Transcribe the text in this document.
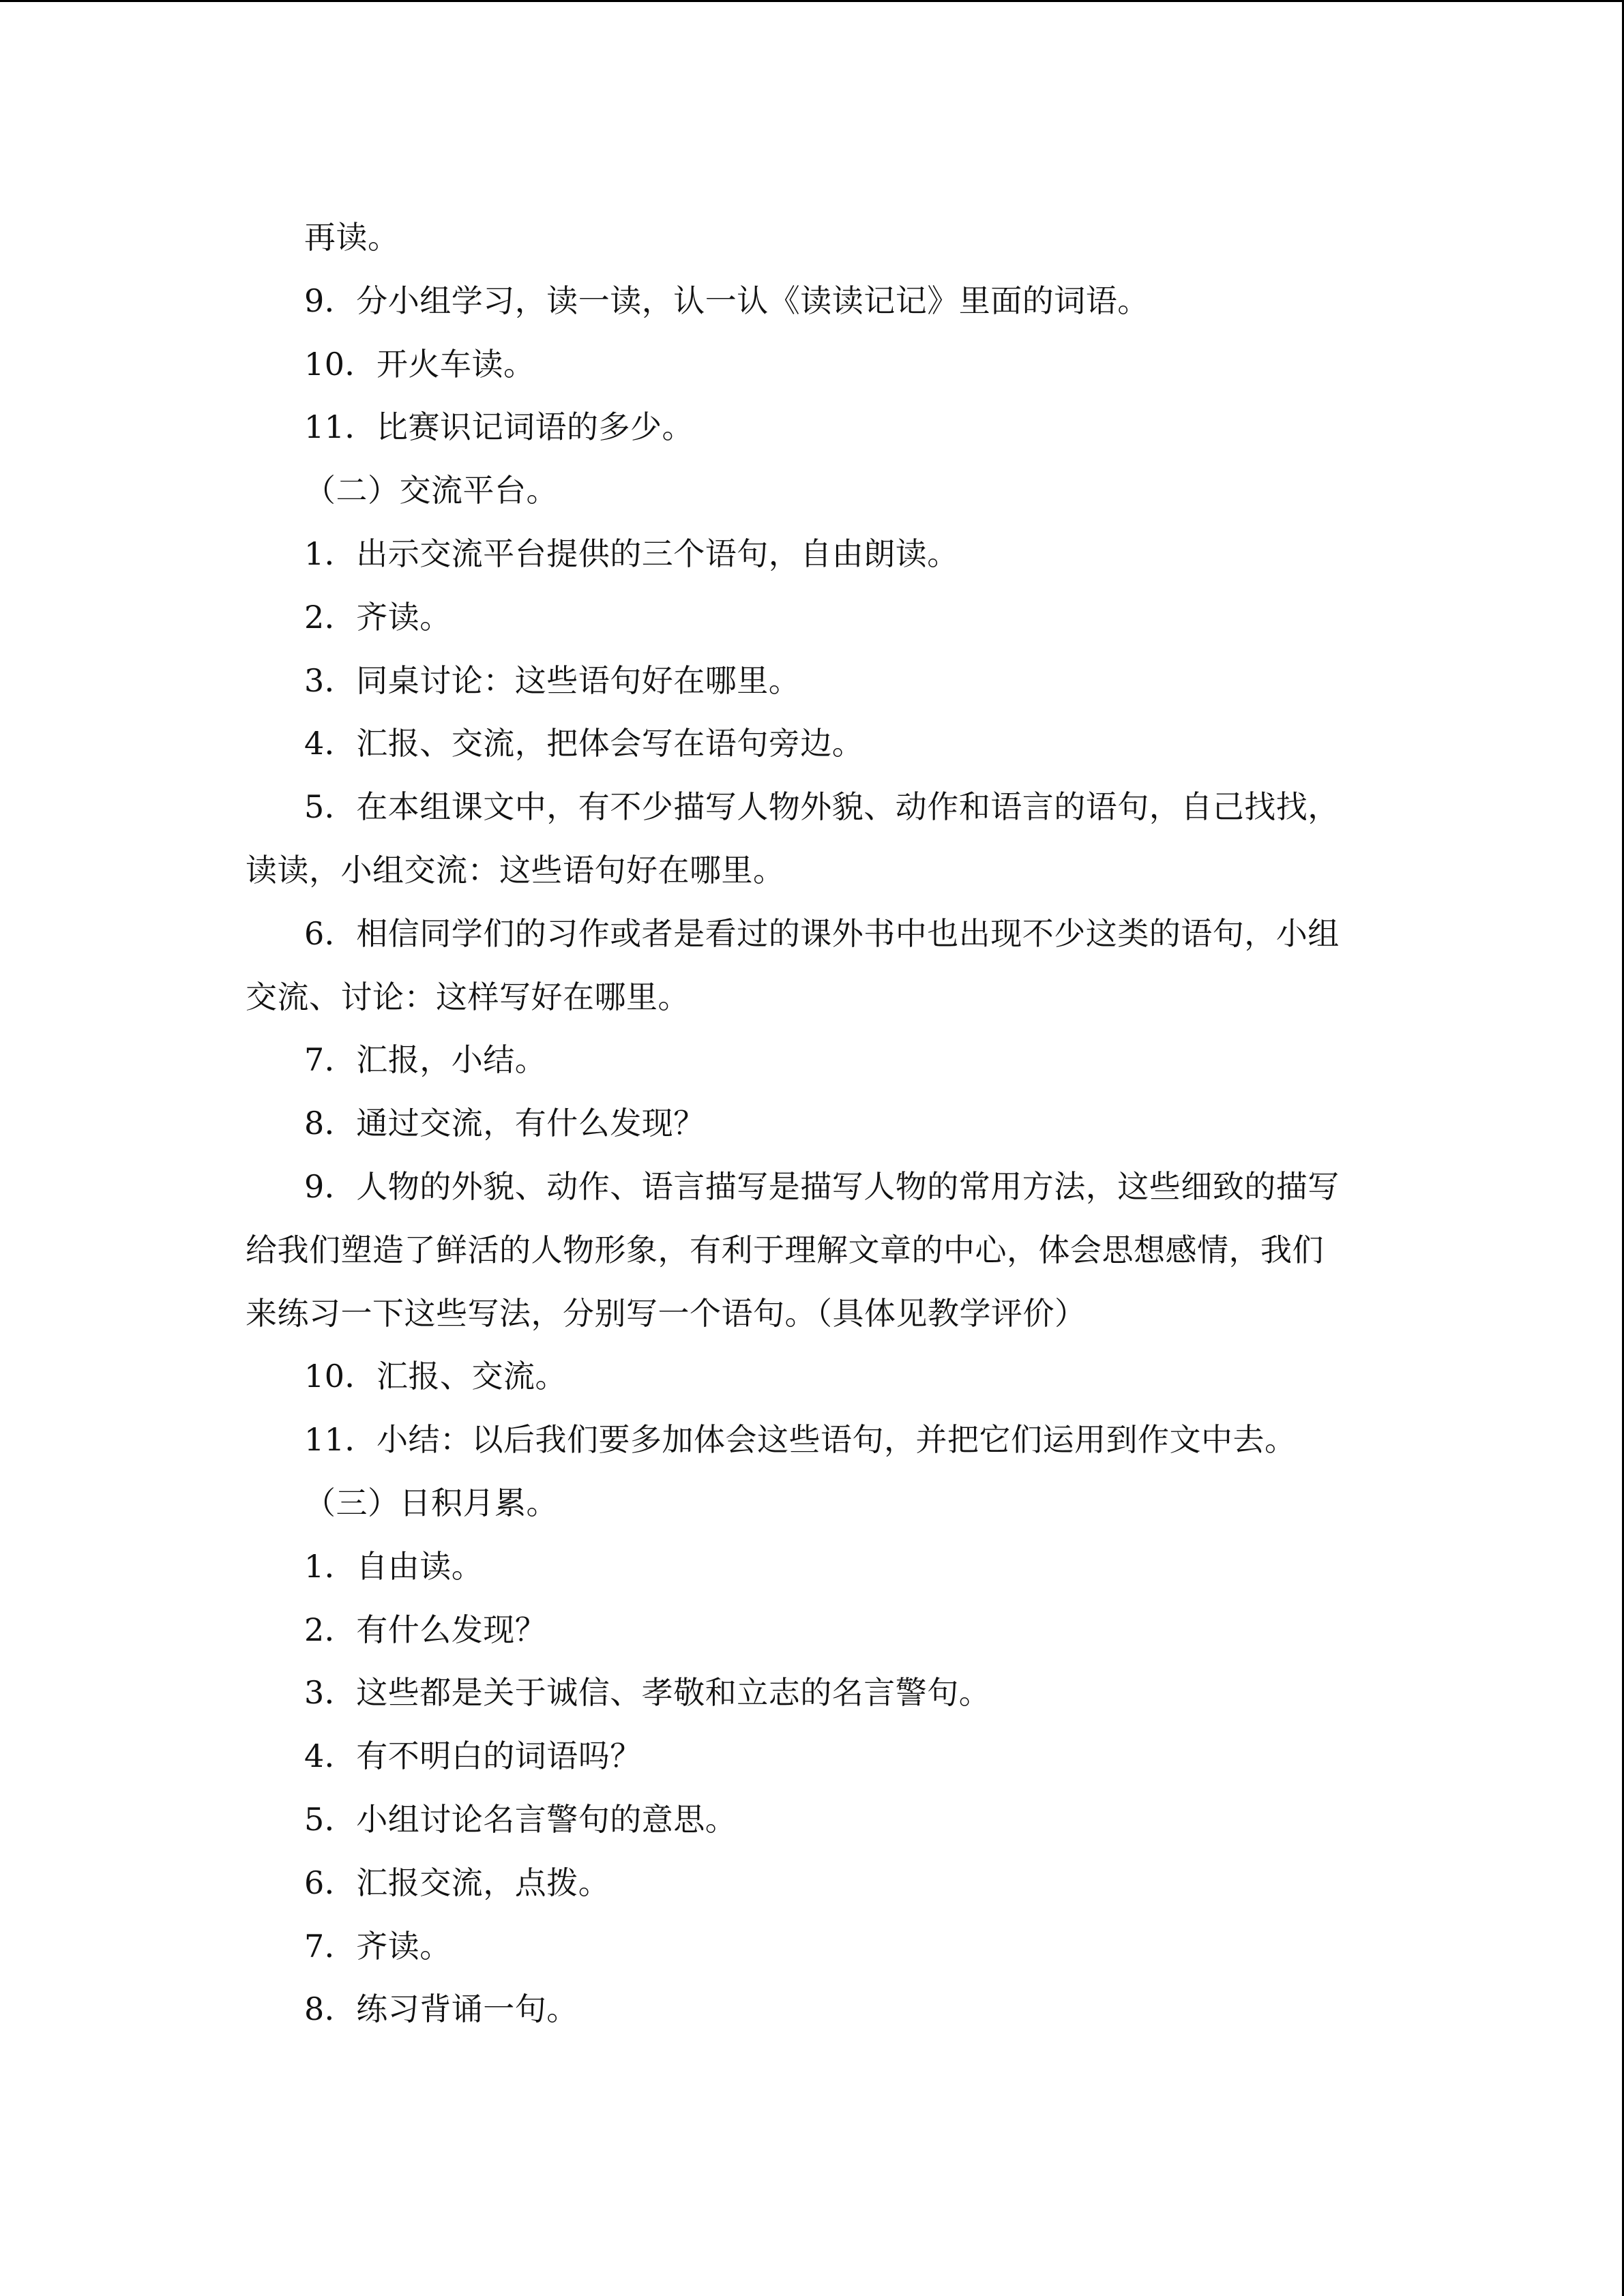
再读。

9．分小组学习，读一读，认一认《读读记记》里面的词语。

10．开火车读。

11．比赛识记词语的多少。

（二）交流平台。

1．出示交流平台提供的三个语句，自由朗读。

2．齐读。

3．同桌讨论：这些语句好在哪里。

4．汇报、交流，把体会写在语句旁边。

5．在本组课文中，有不少描写人物外貌、动作和语言的语句，自己找找，

读读，小组交流：这些语句好在哪里。

6．相信同学们的习作或者是看过的课外书中也出现不少这类的语句，小组

交流、讨论：这样写好在哪里。

7．汇报，小结。

8．通过交流，有什么发现？

9．人物的外貌、动作、语言描写是描写人物的常用方法，这些细致的描写

给我们塑造了鲜活的人物形象，有利于理解文章的中心，体会思想感情，我们

来练习一下这些写法，分别写一个语句。（具体见教学评价）

10．汇报、交流。

11．小结：以后我们要多加体会这些语句，并把它们运用到作文中去。

（三）日积月累。

1．自由读。

2．有什么发现？

3．这些都是关于诚信、孝敬和立志的名言警句。

4．有不明白的词语吗？

5．小组讨论名言警句的意思。

6．汇报交流，点拨。

7．齐读。

8．练习背诵一句。
